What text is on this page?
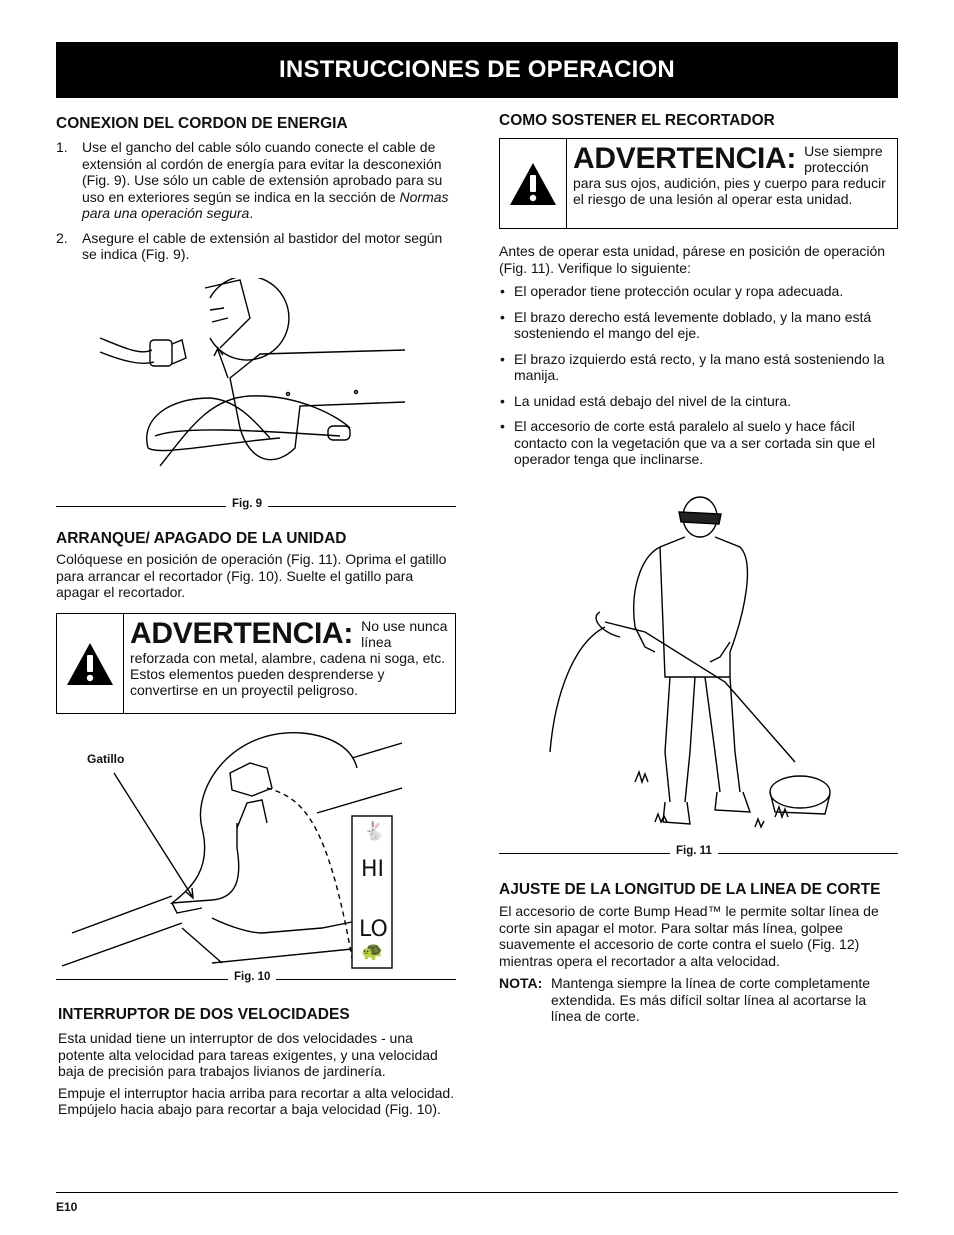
INSTRUCCIONES DE OPERACION
CONEXION DEL CORDON DE ENERGIA
1. Use el gancho del cable sólo cuando conecte el cable de extensión al cordón de energía para evitar la desconexión (Fig. 9). Use sólo un cable de extensión aprobado para su uso en exteriores según se indica en la sección de Normas para una operación segura.
2. Asegure el cable de extensión al bastidor del motor según se indica (Fig. 9).
Fig. 9
ARRANQUE/ APAGADO DE LA UNIDAD

Colóquese en posición de operación (Fig. 11). Oprima el gatillo para arrancar el recortador (Fig. 10). Suelte el gatillo para apagar el recortador.

ADVERTENCIA: No use nunca línea reforzada con metal, alambre, cadena ni soga, etc. Estos elementos pueden desprenderse y convertirse en un proyectil peligroso.
Gatillo
🐇
HI
LO
🐢
Fig. 10
INTERRUPTOR DE DOS VELOCIDADES

Esta unidad tiene un interruptor de dos velocidades - una potente alta velocidad para tareas exigentes, y una velocidad baja de precisión para trabajos livianos de jardinería.

Empuje el interruptor hacia arriba para recortar a alta velocidad. Empújelo hacia abajo para recortar a baja velocidad (Fig. 10).

COMO SOSTENER EL RECORTADOR
ADVERTENCIA: Use siempre protección para sus ojos, audición, pies y cuerpo para reducir el riesgo de una lesión al operar esta unidad.

Antes de operar esta unidad, párese en posición de operación (Fig. 11). Verifique lo siguiente:

• El operador tiene protección ocular y ropa adecuada.
• El brazo derecho está levemente doblado, y la mano está sosteniendo el mango del eje.
• El brazo izquierdo está recto, y la mano está sosteniendo la manija.
• La unidad está debajo del nivel de la cintura.
• El accesorio de corte está paralelo al suelo y hace fácil contacto con la vegetación que va a ser cortada sin que el operador tenga que inclinarse.
Fig. 11
AJUSTE DE LA LONGITUD DE LA LINEA DE CORTE

El accesorio de corte Bump Head™ le permite soltar línea de corte sin apagar el motor. Para soltar más línea, golpee suavemente el accesorio de corte contra el suelo (Fig. 12) mientras opera el recortador a alta velocidad.

NOTA: Mantenga siempre la línea de corte completamente extendida. Es más difícil soltar línea al acortarse la línea de corte.
E10
